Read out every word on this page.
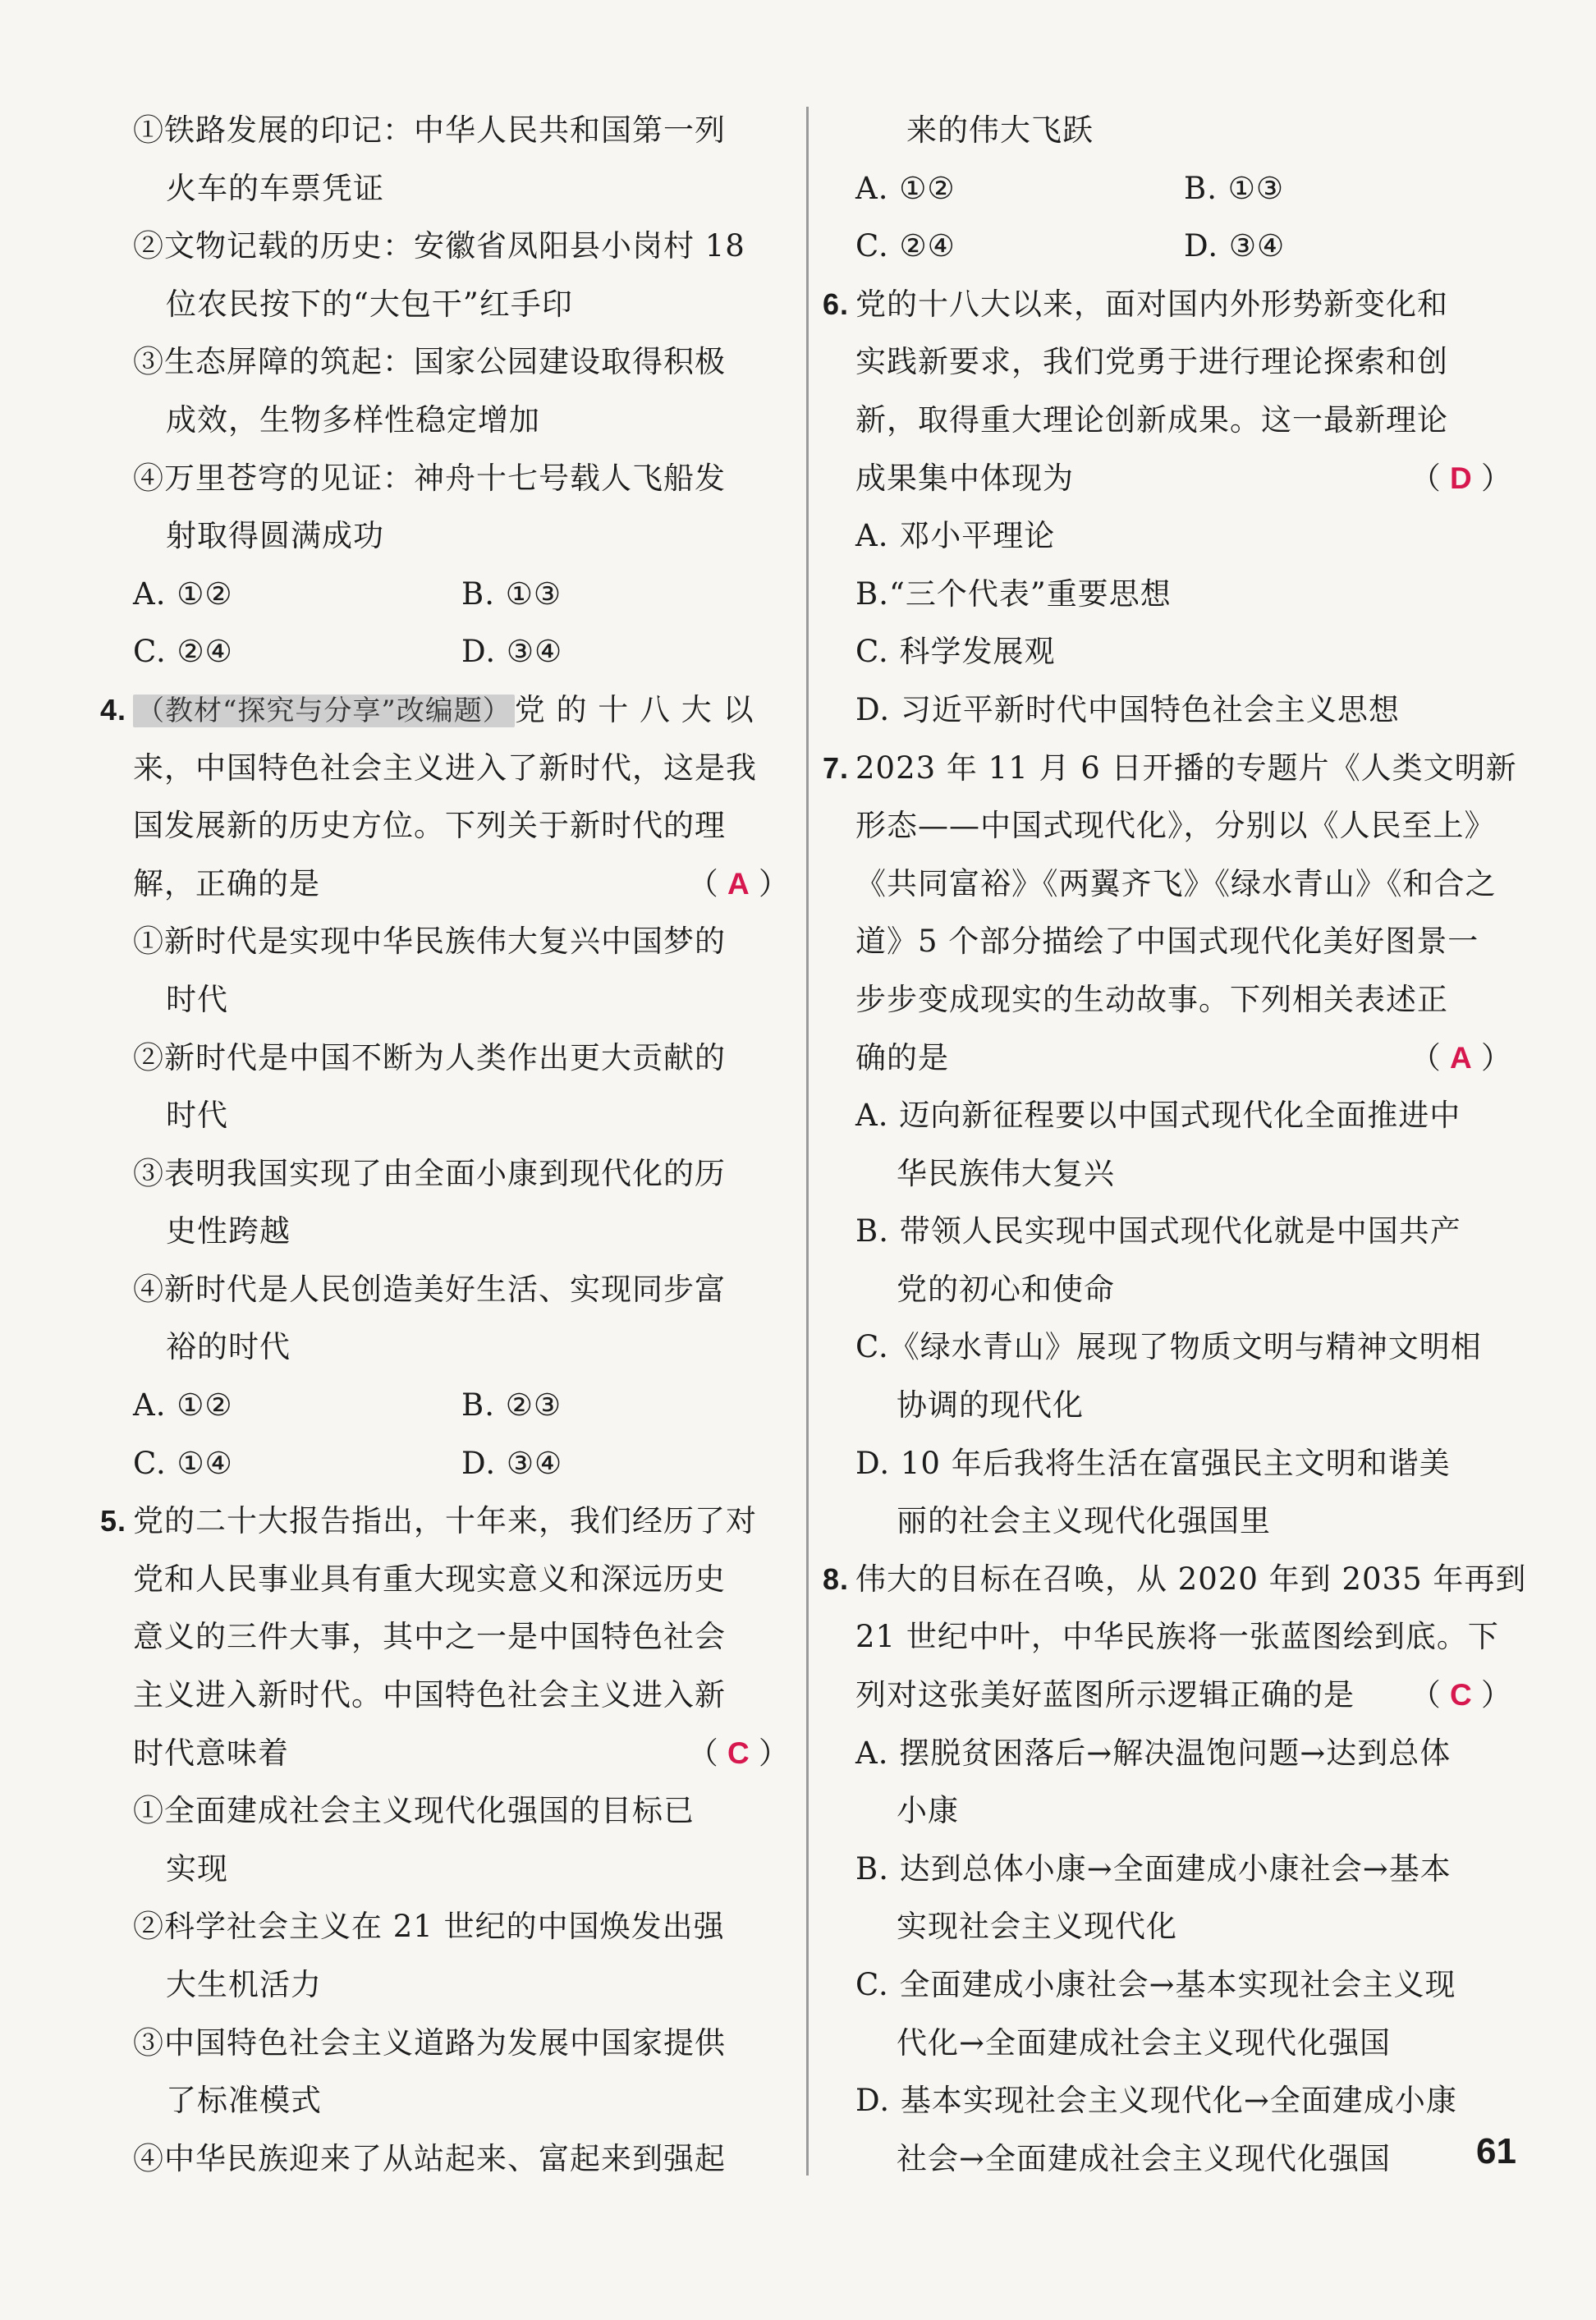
①铁路发展的印记：中华人民共和国第一列
火车的车票凭证
②文物记载的历史：安徽省凤阳县小岗村 18
位农民按下的“大包干”红手印
③生态屏障的筑起：国家公园建设取得积极
成效，生物多样性稳定增加
④万里苍穹的见证：神舟十七号载人飞船发
射取得圆满成功
A. ①②	B. ①③
C. ②④	D. ③④
4. （教材“探究与分享”改编题） 党 的 十 八 大 以
来，中国特色社会主义进入了新时代，这是我
国发展新的历史方位。下列关于新时代的理
解，正确的是	（ A ）
①新时代是实现中华民族伟大复兴中国梦的
时代
②新时代是中国不断为人类作出更大贡献的
时代
③表明我国实现了由全面小康到现代化的历
史性跨越
④新时代是人民创造美好生活、实现同步富
裕的时代
A. ①②	B. ②③
C. ①④	D. ③④
5. 党的二十大报告指出，十年来，我们经历了对
党和人民事业具有重大现实意义和深远历史
意义的三件大事，其中之一是中国特色社会
主义进入新时代。中国特色社会主义进入新
时代意味着	（ C ）
①全面建成社会主义现代化强国的目标已
实现
②科学社会主义在 21 世纪的中国焕发出强
大生机活力
③中国特色社会主义道路为发展中国家提供
了标准模式
④中华民族迎来了从站起来、富起来到强起
来的伟大飞跃
A. ①②	B. ①③
C. ②④	D. ③④
6. 党的十八大以来，面对国内外形势新变化和
实践新要求，我们党勇于进行理论探索和创
新，取得重大理论创新成果。这一最新理论
成果集中体现为	（ D ）
A. 邓小平理论
B.“三个代表”重要思想
C. 科学发展观
D. 习近平新时代中国特色社会主义思想
7. 2023 年 11 月 6 日开播的专题片《人类文明新
形态——中国式现代化》，分别以《人民至上》
《共同富裕》《两翼齐飞》《绿水青山》《和合之
道》5 个部分描绘了中国式现代化美好图景一
步步变成现实的生动故事。下列相关表述正
确的是	（ A ）
A. 迈向新征程要以中国式现代化全面推进中
华民族伟大复兴
B. 带领人民实现中国式现代化就是中国共产
党的初心和使命
C.《绿水青山》展现了物质文明与精神文明相
协调的现代化
D. 10 年后我将生活在富强民主文明和谐美
丽的社会主义现代化强国里
8. 伟大的目标在召唤，从 2020 年到 2035 年再到
21 世纪中叶，中华民族将一张蓝图绘到底。下
列对这张美好蓝图所示逻辑正确的是 （ C ）
A. 摆脱贫困落后→解决温饱问题→达到总体
小康
B. 达到总体小康→全面建成小康社会→基本
实现社会主义现代化
C. 全面建成小康社会→基本实现社会主义现
代化→全面建成社会主义现代化强国
D. 基本实现社会主义现代化→全面建成小康
社会→全面建成社会主义现代化强国	61
